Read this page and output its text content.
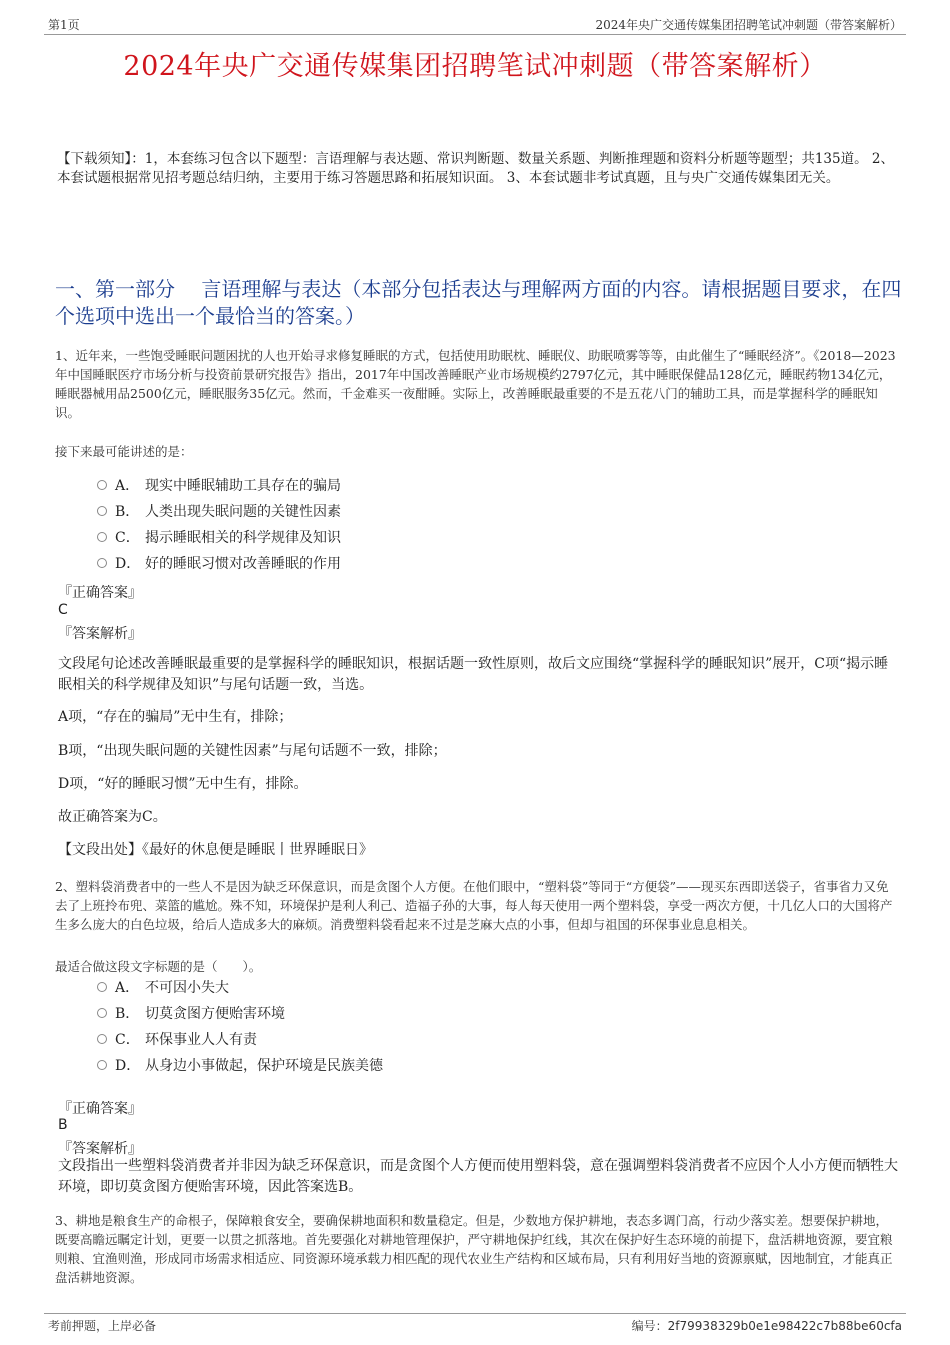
第1页	2024年央广交通传媒集团招聘笔试冲刺题（带答案解析）
2024年央广交通传媒集团招聘笔试冲刺题（带答案解析）
【下载须知】：1，本套练习包含以下题型：言语理解与表达题、常识判断题、数量关系题、判断推理题和资料分析题等题型；共135道。 2、本套试题根据常见招考题总结归纳，主要用于练习答题思路和拓展知识面。 3、本套试题非考试真题，且与央广交通传媒集团无关。
一、第一部分　 言语理解与表达（本部分包括表达与理解两方面的内容。请根据题目要求，在四个选项中选出一个最恰当的答案。）
1、近年来，一些饱受睡眠问题困扰的人也开始寻求修复睡眠的方式，包括使用助眠枕、睡眠仪、助眠喷雾等等，由此催生了“睡眠经济”。《2018—2023年中国睡眠医疗市场分析与投资前景研究报告》指出，2017年中国改善睡眠产业市场规模约2797亿元，其中睡眠保健品128亿元，睡眠药物134亿元，睡眠器械用品2500亿元，睡眠服务35亿元。然而，千金难买一夜酣睡。实际上，改善睡眠最重要的不是五花八门的辅助工具，而是掌握科学的睡眠知识。
接下来最可能讲述的是：
A． 现实中睡眠辅助工具存在的骗局
B． 人类出现失眠问题的关键性因素
C． 揭示睡眠相关的科学规律及知识
D． 好的睡眠习惯对改善睡眠的作用
『正确答案』
C
『答案解析』
文段尾句论述改善睡眠最重要的是掌握科学的睡眠知识，根据话题一致性原则，故后文应围绕“掌握科学的睡眠知识”展开，C项“揭示睡眠相关的科学规律及知识”与尾句话题一致，当选。
A项，“存在的骗局”无中生有，排除；
B项，“出现失眠问题的关键性因素”与尾句话题不一致，排除；
D项，“好的睡眠习惯”无中生有，排除。
故正确答案为C。
【文段出处】《最好的休息便是睡眠丨世界睡眠日》
2、塑料袋消费者中的一些人不是因为缺乏环保意识，而是贪图个人方便。在他们眼中，“塑料袋”等同于“方便袋”——现买东西即送袋子，省事省力又免去了上班拎布兜、菜篮的尴尬。殊不知，环境保护是利人利己、造福子孙的大事，每人每天使用一两个塑料袋，享受一两次方便，十几亿人口的大国将产生多么庞大的白色垃圾，给后人造成多大的麻烦。消费塑料袋看起来不过是芝麻大点的小事，但却与祖国的环保事业息息相关。
最适合做这段文字标题的是（　　）。
A． 不可因小失大
B． 切莫贪图方便贻害环境
C． 环保事业人人有责
D． 从身边小事做起，保护环境是民族美德
『正确答案』
B
『答案解析』
文段指出一些塑料袋消费者并非因为缺乏环保意识，而是贪图个人方便而使用塑料袋，意在强调塑料袋消费者不应因个人小方便而牺牲大环境，即切莫贪图方便贻害环境，因此答案选B。
3、耕地是粮食生产的命根子，保障粮食安全，要确保耕地面积和数量稳定。但是，少数地方保护耕地，表态多调门高，行动少落实差。想要保护耕地，既要高瞻远瞩定计划，更要一以贯之抓落地。首先要强化对耕地管理保护，严守耕地保护红线，其次在保护好生态环境的前提下，盘活耕地资源，要宜粮则粮、宜渔则渔，形成同市场需求相适应、同资源环境承载力相匹配的现代农业生产结构和区域布局，只有利用好当地的资源禀赋，因地制宜，才能真正盘活耕地资源。
考前押题，上岸必备	编号：2f79938329b0e1e98422c7b88be60cfa
